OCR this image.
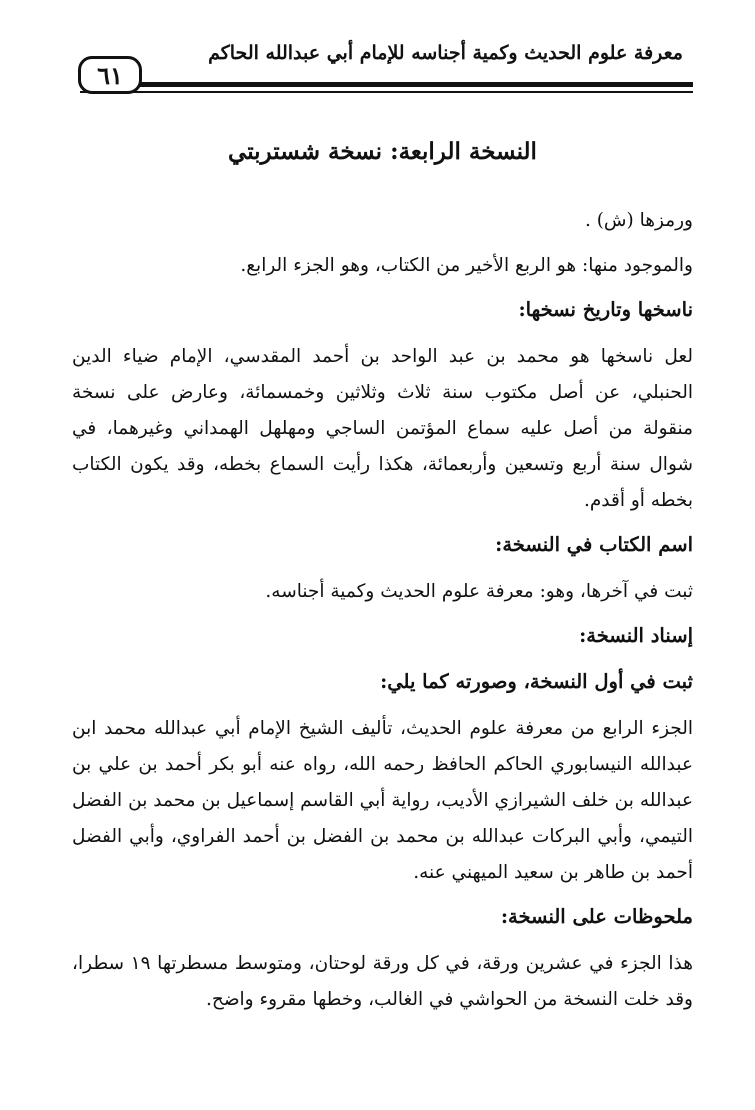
معرفة علوم الحديث وكمية أجناسه للإمام أبي عبدالله الحاكم
٦١
النسخة الرابعة: نسخة شستربتي

ورمزها (ش) .

والموجود منها: هو الربع الأخير من الكتاب، وهو الجزء الرابع.

ناسخها وتاريخ نسخها:

لعل ناسخها هو محمد بن عبد الواحد بن أحمد المقدسي، الإمام ضياء الدين الحنبلي، عن أصل مكتوب سنة ثلاث وثلاثين وخمسمائة، وعارض على نسخة منقولة من أصل عليه سماع المؤتمن الساجي ومهلهل الهمداني وغيرهما، في شوال سنة أربع وتسعين وأربعمائة، هكذا رأيت السماع بخطه، وقد يكون الكتاب بخطه أو أقدم.

اسم الكتاب في النسخة:

ثبت في آخرها، وهو: معرفة علوم الحديث وكمية أجناسه.

إسناد النسخة:
ثبت في أول النسخة، وصورته كما يلي:

الجزء الرابع من معرفة علوم الحديث، تأليف الشيخ الإمام أبي عبدالله محمد ابن عبدالله النيسابوري الحاكم الحافظ رحمه الله، رواه عنه أبو بكر أحمد بن علي بن عبدالله بن خلف الشيرازي الأديب، رواية أبي القاسم إسماعيل بن محمد بن الفضل التيمي، وأبي البركات عبدالله بن محمد بن الفضل بن أحمد الفراوي، وأبي الفضل أحمد بن طاهر بن سعيد الميهني عنه.

ملحوظات على النسخة:

هذا الجزء في عشرين ورقة، في كل ورقة لوحتان، ومتوسط مسطرتها ١٩ سطرا، وقد خلت النسخة من الحواشي في الغالب، وخطها مقروء واضح.
